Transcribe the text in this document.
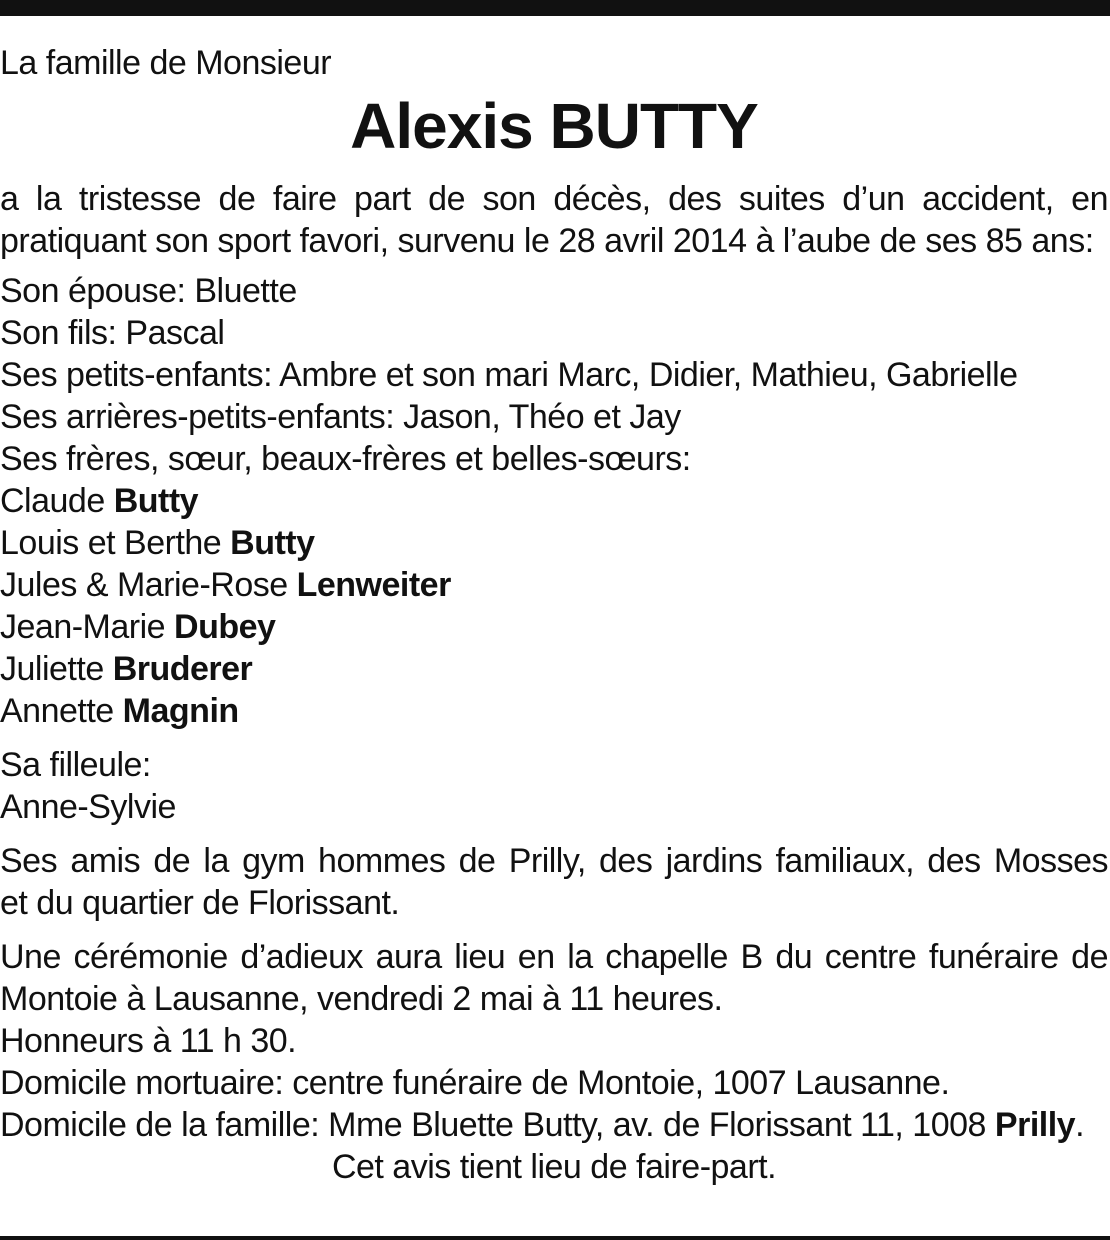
La famille de Monsieur

Alexis BUTTY

a la tristesse de faire part de son décès, des suites d’un accident, en

pratiquant son sport favori, survenu le 28 avril 2014 à l’aube de ses 85 ans:

Son épouse: Bluette

Son fils: Pascal

Ses petits-enfants: Ambre et son mari Marc, Didier, Mathieu, Gabrielle

Ses arrières-petits-enfants: Jason, Théo et Jay

Ses frères, sœur, beaux-frères et belles-sœurs:

Claude Butty

Louis et Berthe Butty

Jules & Marie-Rose Lenweiter

Jean-Marie Dubey

Juliette Bruderer

Annette Magnin

Sa filleule:

Anne-Sylvie

Ses amis de la gym hommes de Prilly, des jardins familiaux, des Mosses

et du quartier de Florissant.

Une cérémonie d’adieux aura lieu en la chapelle B du centre funéraire de

Montoie à Lausanne, vendredi 2 mai à 11 heures.

Honneurs à 11 h 30.

Domicile mortuaire: centre funéraire de Montoie, 1007 Lausanne.

Domicile de la famille: Mme Bluette Butty, av. de Florissant 11, 1008 Prilly.

Cet avis tient lieu de faire-part.
